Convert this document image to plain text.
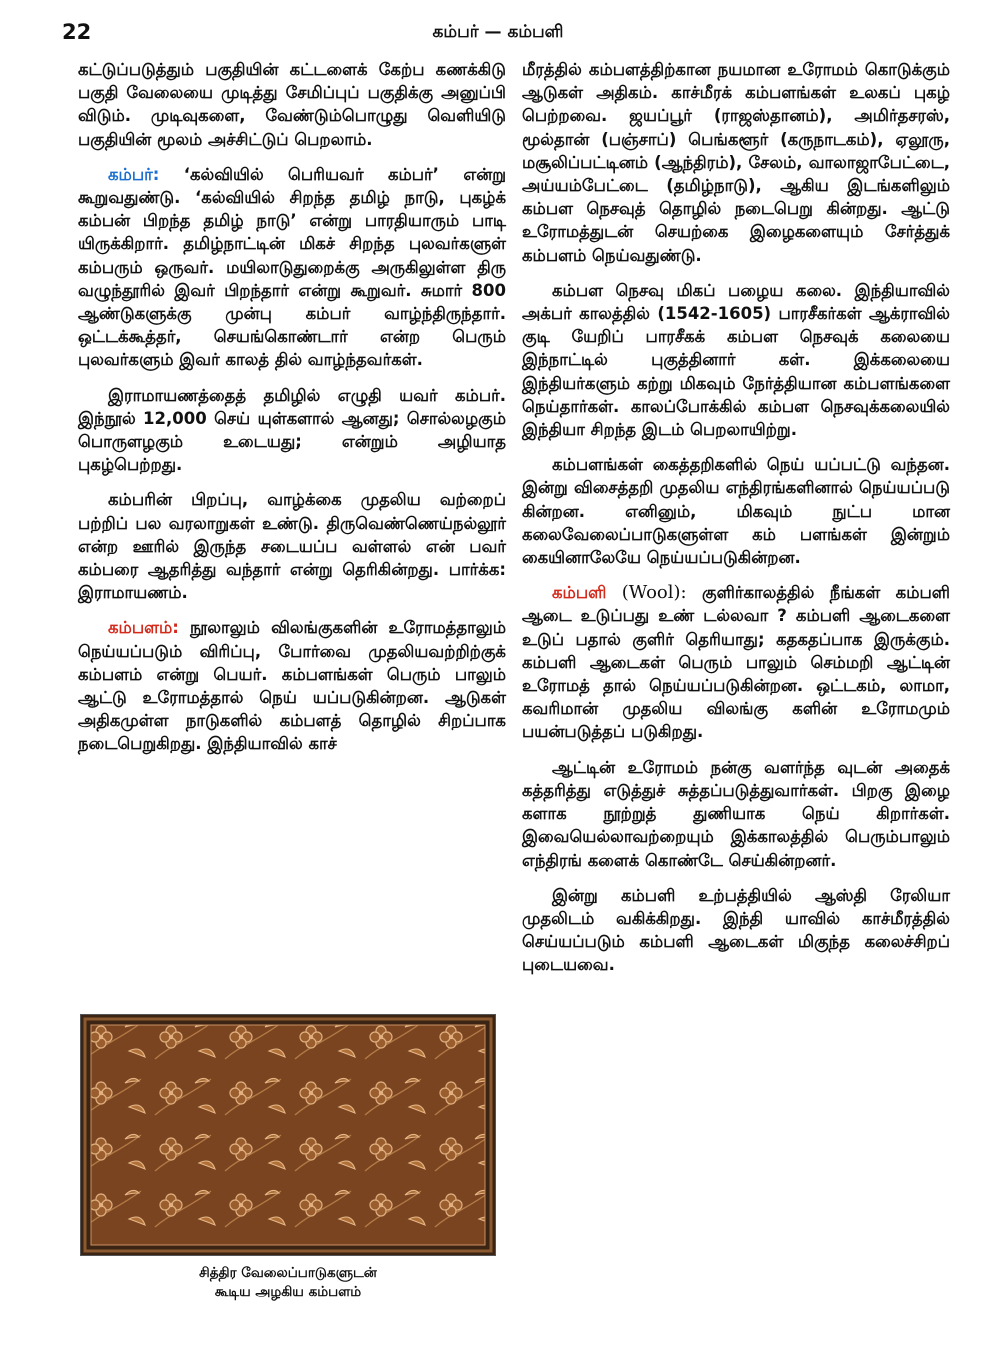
22	கம்பர் — கம்பளி

கட்டுப்படுத்தும் பகுதியின் கட்டளைக் கேற்ப கணக்கிடு பகுதி வேலையை முடித்து சேமிப்புப் பகுதிக்கு அனுப்பி விடும். முடிவுகளை, வேண்டும்பொழுது வெளியிடு பகுதியின் மூலம் அச்சிட்டுப் பெறலாம்.

கம்பர்: ‘கல்வியில் பெரியவர் கம்பர்’ என்று கூறுவதுண்டு. ‘கல்வியில் சிறந்த தமிழ் நாடு, புகழ்க் கம்பன் பிறந்த தமிழ் நாடு’ என்று பாரதியாரும் பாடி யிருக்கிறார். தமிழ்நாட்டின் மிகச் சிறந்த புலவர்களுள் கம்பரும் ஒருவர். மயிலாடுதுறைக்கு அருகிலுள்ள திரு வழுந்தூரில் இவர் பிறந்தார் என்று கூறுவர். சுமார் 800 ஆண்டுகளுக்கு முன்பு கம்பர் வாழ்ந்திருந்தார். ஒட்டக்கூத்தர், செயங்கொண்டார் என்ற பெரும் புலவர்களும் இவர் காலத் தில் வாழ்ந்தவர்கள்.

இராமாயணத்தைத் தமிழில் எழுதி யவர் கம்பர். இந்நூல் 12,000 செய் யுள்களால் ஆனது; சொல்லழகும் பொருளழகும் உடையது; என்றும் அழியாத புகழ்பெற்றது.

கம்பரின் பிறப்பு, வாழ்க்கை முதலிய வற்றைப் பற்றிப் பல வரலாறுகள் உண்டு. திருவெண்ணெய்நல்லூர் என்ற ஊரில் இருந்த சடையப்ப வள்ளல் என் பவர் கம்பரை ஆதரித்து வந்தார் என்று தெரிகின்றது. பார்க்க: இராமாயணம்.

கம்பளம்: நூலாலும் விலங்குகளின் உரோமத்தாலும் நெய்யப்படும் விரிப்பு, போர்வை முதலியவற்றிற்குக் கம்பளம் என்று பெயர். கம்பளங்கள் பெரும் பாலும் ஆட்டு உரோமத்தால் நெய் யப்படுகின்றன. ஆடுகள் அதிகமுள்ள நாடுகளில் கம்பளத் தொழில் சிறப்பாக நடைபெறுகிறது. இந்தியாவில் காச்

சித்திர வேலைப்பாடுகளுடன்
கூடிய அழகிய கம்பளம்

மீரத்தில் கம்பளத்திற்கான நயமான உரோமம் கொடுக்கும் ஆடுகள் அதிகம். காச்மீரக் கம்பளங்கள் உலகப் புகழ் பெற்றவை. ஜயப்பூர் (ராஜஸ்தானம்), அமிர்தசரஸ், மூல்தான் (பஞ்சாப்) பெங்களூர் (கருநாடகம்), ஏலூரு, மசூலிப்பட்டினம் (ஆந்திரம்), சேலம், வாலாஜாபேட்டை, அய்யம்பேட்டை (தமிழ்நாடு), ஆகிய இடங்களிலும் கம்பள நெசவுத் தொழில் நடைபெறு கின்றது. ஆட்டு உரோமத்துடன் செயற்கை இழைகளையும் சேர்த்துக் கம்பளம் நெய்வதுண்டு.

கம்பள நெசவு மிகப் பழைய கலை. இந்தியாவில் அக்பர் காலத்தில் (1542-1605) பாரசீகர்கள் ஆக்ராவில் குடி யேறிப் பாரசீகக் கம்பள நெசவுக் கலையை இந்நாட்டில் புகுத்தினார் கள். இக்கலையை இந்தியர்களும் கற்று மிகவும் நேர்த்தியான கம்பளங்களை நெய்தார்கள். காலப்போக்கில் கம்பள நெசவுக்கலையில் இந்தியா சிறந்த இடம் பெறலாயிற்று.

கம்பளங்கள் கைத்தறிகளில் நெய் யப்பட்டு வந்தன. இன்று விசைத்தறி முதலிய எந்திரங்களினால் நெய்யப்படு கின்றன. எனினும், மிகவும் நுட்ப மான கலைவேலைப்பாடுகளுள்ள கம் பளங்கள் இன்றும் கையினாலேயே நெய்யப்படுகின்றன.

கம்பளி (Wool): குளிர்காலத்தில் நீங்கள் கம்பளி ஆடை உடுப்பது உண் டல்லவா ? கம்பளி ஆடைகளை உடுப் பதால் குளிர் தெரியாது; கதகதப்பாக இருக்கும். கம்பளி ஆடைகள் பெரும் பாலும் செம்மறி ஆட்டின் உரோமத் தால் நெய்யப்படுகின்றன. ஒட்டகம், லாமா, கவரிமான் முதலிய விலங்கு களின் உரோமமும் பயன்படுத்தப் படுகிறது.

ஆட்டின் உரோமம் நன்கு வளர்ந்த வுடன் அதைக் கத்தரித்து எடுத்துச் சுத்தப்படுத்துவார்கள். பிறகு இழை களாக நூற்றுத் துணியாக நெய் கிறார்கள். இவையெல்லாவற்றையும் இக்காலத்தில் பெரும்பாலும் எந்திரங் களைக் கொண்டே செய்கின்றனர்.

இன்று கம்பளி உற்பத்தியில் ஆஸ்தி ரேலியா முதலிடம் வகிக்கிறது. இந்தி யாவில் காச்மீரத்தில் செய்யப்படும் கம்பளி ஆடைகள் மிகுந்த கலைச்சிறப் புடையவை.
